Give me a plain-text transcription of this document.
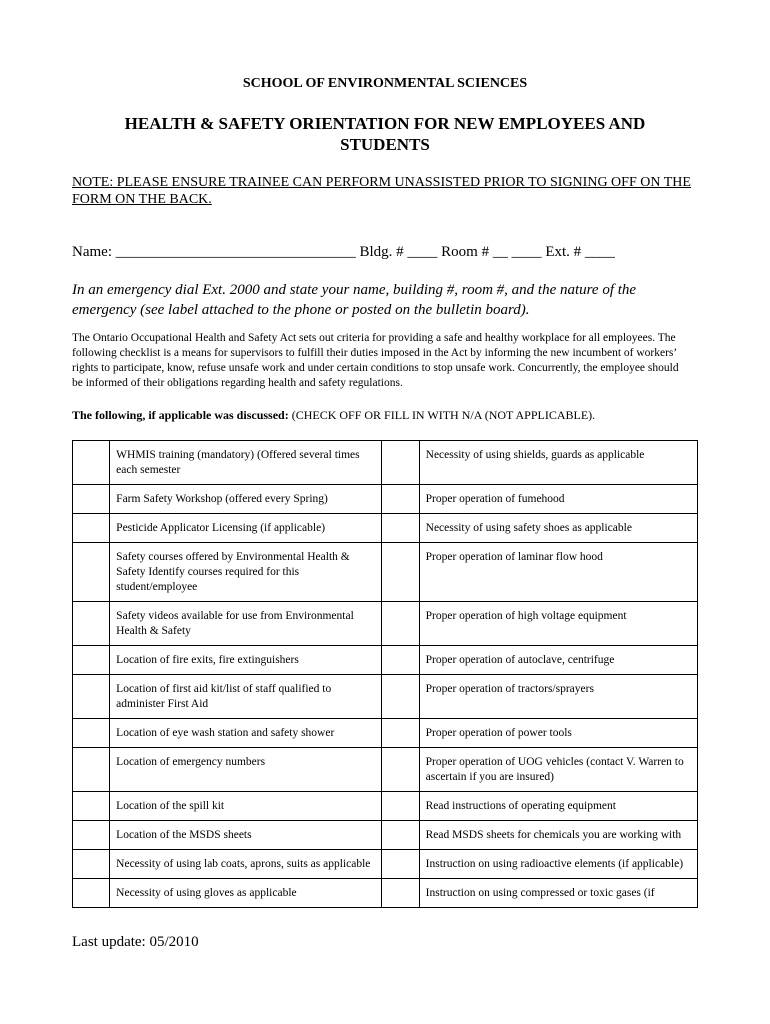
SCHOOL OF ENVIRONMENTAL SCIENCES
HEALTH & SAFETY ORIENTATION FOR NEW EMPLOYEES AND STUDENTS
NOTE: PLEASE ENSURE TRAINEE CAN PERFORM UNASSISTED PRIOR TO SIGNING OFF ON THE FORM ON THE BACK.
Name: ________________________________ Bldg. # ____ Room # __ ____ Ext. # ____
In an emergency dial Ext. 2000 and state your name, building #, room #, and the nature of the emergency (see label attached to the phone or posted on the bulletin board).
The Ontario Occupational Health and Safety Act sets out criteria for providing a safe and healthy workplace for all employees. The following checklist is a means for supervisors to fulfill their duties imposed in the Act by informing the new incumbent of workers’ rights to participate, know, refuse unsafe work and under certain conditions to stop unsafe work. Concurrently, the employee should be informed of their obligations regarding health and safety regulations.
The following, if applicable was discussed: (CHECK OFF OR FILL IN WITH N/A (NOT APPLICABLE).
	WHMIS training (mandatory) (Offered several times each semester		Necessity of using shields, guards as applicable
	Farm Safety Workshop (offered every Spring)		Proper operation of fumehood
	Pesticide Applicator Licensing (if applicable)		Necessity of using safety shoes as applicable
	Safety courses offered by Environmental Health & Safety Identify courses required for this student/employee		Proper operation of laminar flow hood
	Safety videos available for use from Environmental Health & Safety		Proper operation of high voltage equipment
	Location of fire exits, fire extinguishers		Proper operation of autoclave, centrifuge
	Location of first aid kit/list of staff qualified to administer First Aid		Proper operation of tractors/sprayers
	Location of eye wash station and safety shower		Proper operation of power tools
	Location of emergency numbers		Proper operation of UOG vehicles (contact V. Warren to ascertain if you are insured)
	Location of the spill kit		Read instructions of operating equipment
	Location of the MSDS sheets		Read MSDS sheets for chemicals you are working with
	Necessity of using lab coats, aprons, suits as applicable		Instruction on using radioactive elements (if applicable)
	Necessity of using gloves as applicable		Instruction on using compressed or toxic gases (if
Last update: 05/2010
